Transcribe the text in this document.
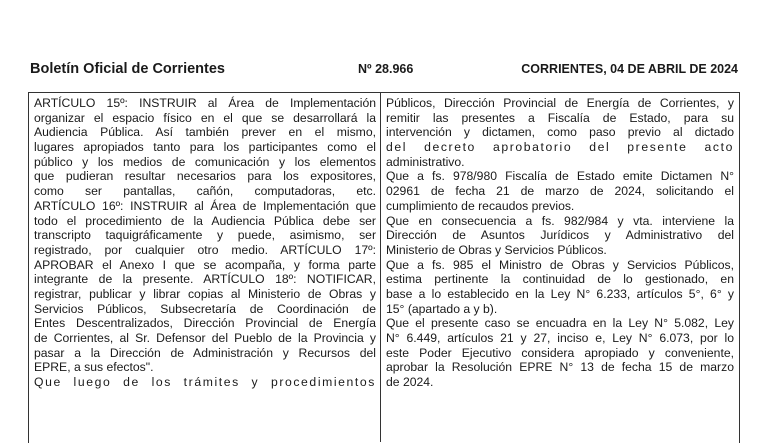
Boletín Oficial de Corrientes	Nº 28.966	CORRIENTES, 04 DE ABRIL DE 2024
ARTÍCULO 15º: INSTRUIR al Área de Implementación
organizar el espacio físico en el que se desarrollará la
Audiencia Pública. Así también prever en el mismo,
lugares apropiados tanto para los participantes como el
público y los medios de comunicación y los elementos
que pudieran resultar necesarios para los expositores,
como ser pantallas, cañón, computadoras, etc.
ARTÍCULO 16º: INSTRUIR al Área de Implementación que
todo el procedimiento de la Audiencia Pública debe ser
transcripto taquigráficamente y puede, asimismo, ser
registrado, por cualquier otro medio. ARTÍCULO 17º:
APROBAR el Anexo I que se acompaña, y forma parte
integrante de la presente. ARTÍCULO 18º: NOTIFICAR,
registrar, publicar y librar copias al Ministerio de Obras y
Servicios Públicos, Subsecretaría de Coordinación de
Entes Descentralizados, Dirección Provincial de Energía
de Corrientes, al Sr. Defensor del Pueblo de la Provincia y
pasar a la Dirección de Administración y Recursos del
EPRE, a sus efectos".
Que luego de los trámites y procedimientos
Públicos, Dirección Provincial de Energía de Corrientes, y
remitir las presentes a Fiscalía de Estado, para su
intervención y dictamen, como paso previo al dictado
del decreto aprobatorio del presente acto
administrativo.
Que a fs. 978/980 Fiscalía de Estado emite Dictamen N°
02961 de fecha 21 de marzo de 2024, solicitando el
cumplimiento de recaudos previos.
Que en consecuencia a fs. 982/984 y vta. interviene la
Dirección de Asuntos Jurídicos y Administrativo del
Ministerio de Obras y Servicios Públicos.
Que a fs. 985 el Ministro de Obras y Servicios Públicos,
estima pertinente la continuidad de lo gestionado, en
base a lo establecido en la Ley N° 6.233, artículos 5°, 6° y
15° (apartado a y b).
Que el presente caso se encuadra en la Ley N° 5.082, Ley
N° 6.449, artículos 21 y 27, inciso e, Ley N° 6.073, por lo
este Poder Ejecutivo considera apropiado y conveniente,
aprobar la Resolución EPRE N° 13 de fecha 15 de marzo
de 2024.
